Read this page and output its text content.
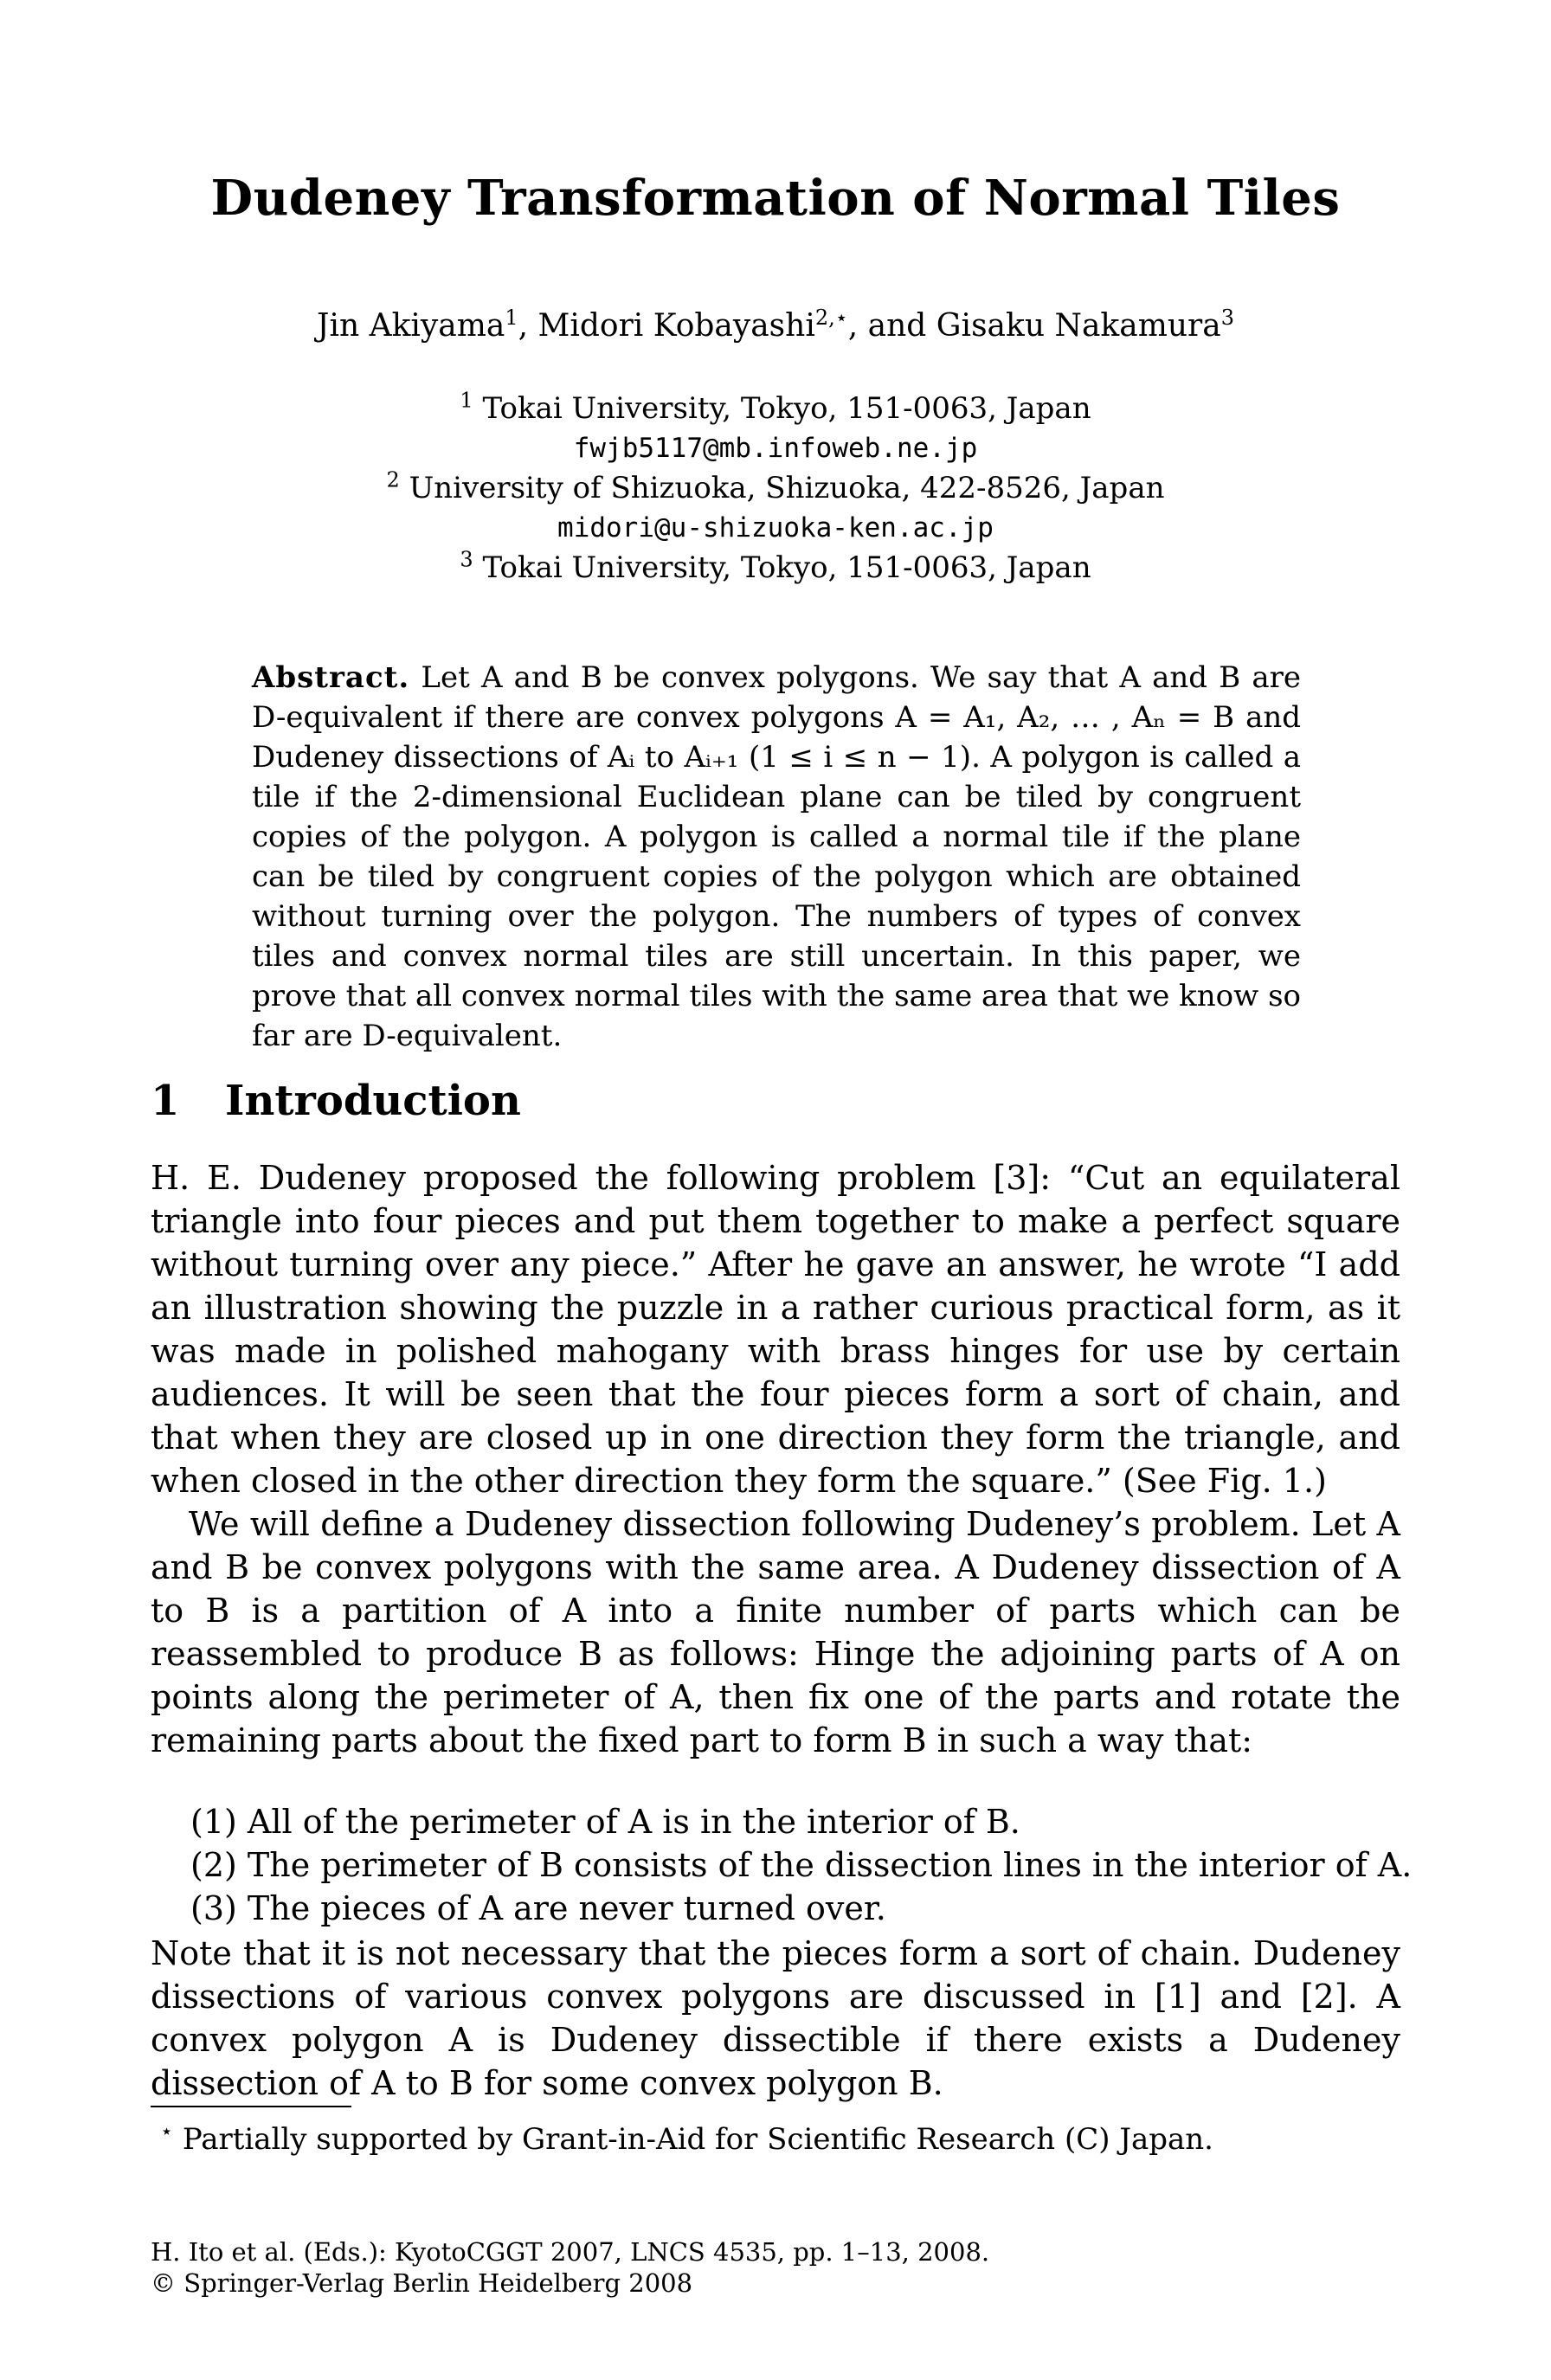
Dudeney Transformation of Normal Tiles
Jin Akiyama$^1$, Midori Kobayashi$^{2,⋆}$, and Gisaku Nakamura$^3$
$^1$ Tokai University, Tokyo, 151-0063, Japan
fwjb5117@mb.infoweb.ne.jp
$^2$ University of Shizuoka, Shizuoka, 422-8526, Japan
midori@u-shizuoka-ken.ac.jp
$^3$ Tokai University, Tokyo, 151-0063, Japan
Abstract. Let A and B be convex polygons. We say that A and B are D-equivalent if there are convex polygons A = A₁, A₂, … , Aₙ = B and Dudeney dissections of Aᵢ to Aᵢ₊₁ (1 ≤ i ≤ n − 1). A polygon is called a tile if the 2-dimensional Euclidean plane can be tiled by congruent copies of the polygon. A polygon is called a normal tile if the plane can be tiled by congruent copies of the polygon which are obtained without turning over the polygon. The numbers of types of convex tiles and convex normal tiles are still uncertain. In this paper, we prove that all convex normal tiles with the same area that we know so far are D-equivalent.
1 Introduction

H. E. Dudeney proposed the following problem [3]: “Cut an equilateral triangle into four pieces and put them together to make a perfect square without turning over any piece.” After he gave an answer, he wrote “I add an illustration showing the puzzle in a rather curious practical form, as it was made in polished mahogany with brass hinges for use by certain audiences. It will be seen that the four pieces form a sort of chain, and that when they are closed up in one direction they form the triangle, and when closed in the other direction they form the square.” (See Fig. 1.)

We will define a Dudeney dissection following Dudeney’s problem. Let A and B be convex polygons with the same area. A Dudeney dissection of A to B is a partition of A into a finite number of parts which can be reassembled to produce B as follows: Hinge the adjoining parts of A on points along the perimeter of A, then fix one of the parts and rotate the remaining parts about the fixed part to form B in such a way that:

(1) All of the perimeter of A is in the interior of B.
(2) The perimeter of B consists of the dissection lines in the interior of A.
(3) The pieces of A are never turned over.

Note that it is not necessary that the pieces form a sort of chain. Dudeney dissections of various convex polygons are discussed in [1] and [2]. A convex polygon A is Dudeney dissectible if there exists a Dudeney dissection of A to B for some convex polygon B.

⋆ Partially supported by Grant-in-Aid for Scientific Research (C) Japan.
H. Ito et al. (Eds.): KyotoCGGT 2007, LNCS 4535, pp. 1–13, 2008.
© Springer-Verlag Berlin Heidelberg 2008
